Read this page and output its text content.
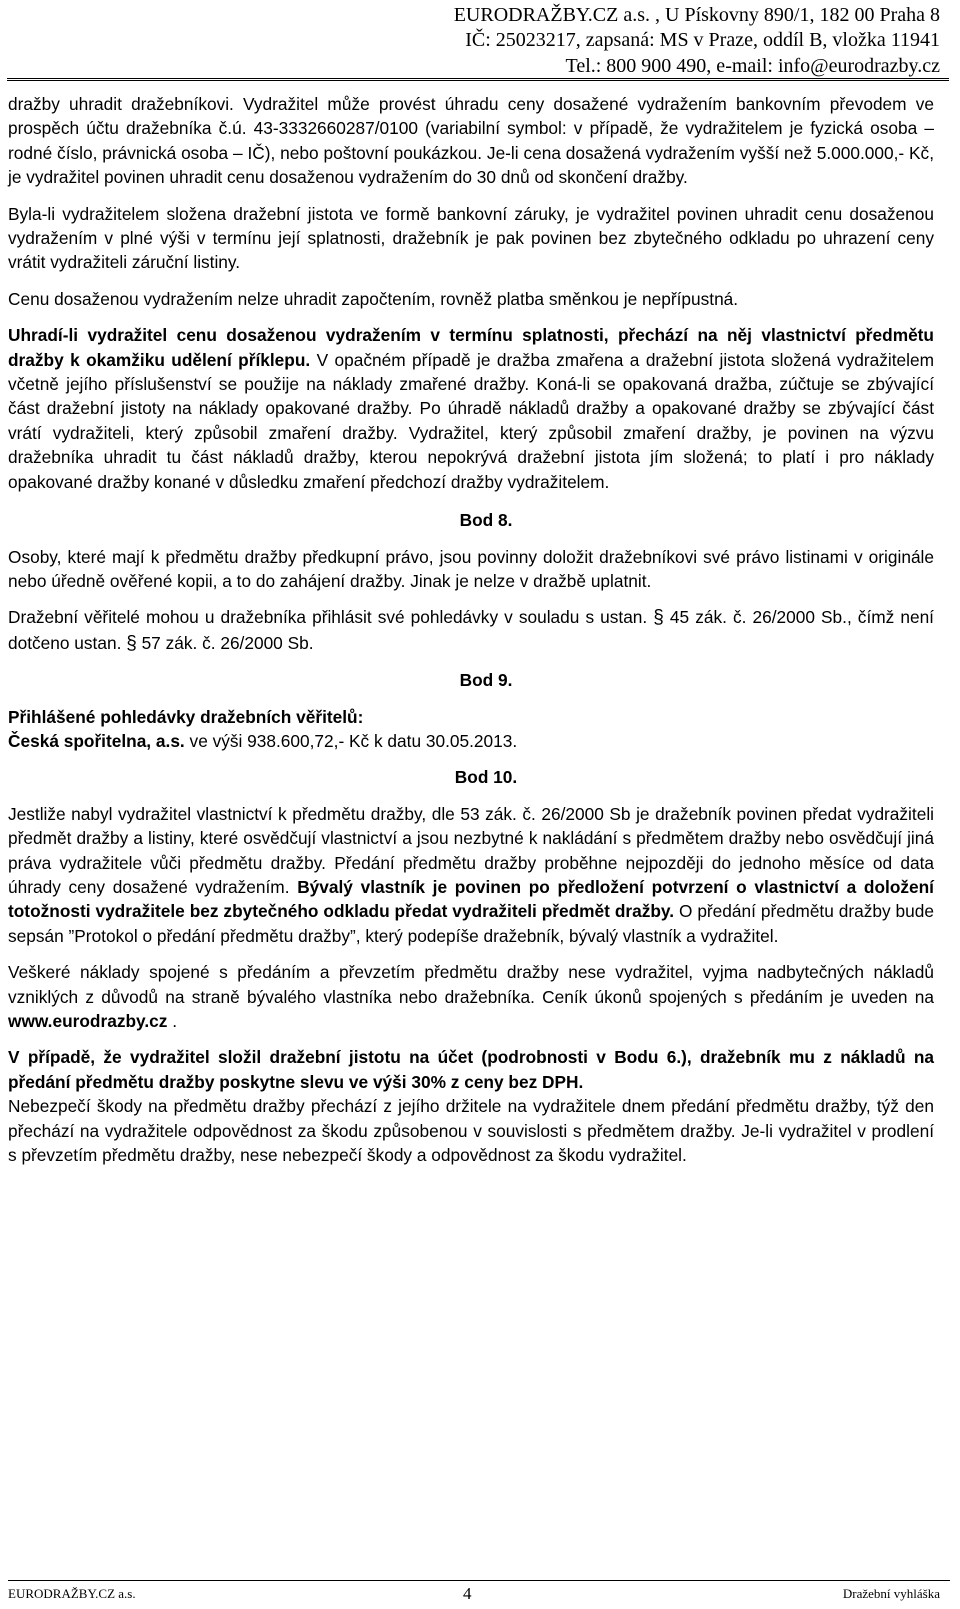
EURODRAŽBY.CZ a.s. , U Pískovny 890/1, 182 00 Praha 8
IČ: 25023217, zapsaná: MS v Praze, oddíl B, vložka 11941
Tel.: 800 900 490, e-mail: info@eurodrazby.cz

dražby uhradit dražebníkovi. Vydražitel může provést úhradu ceny dosažené vydražením bankovním převodem ve prospěch účtu dražebníka č.ú. 43-3332660287/0100 (variabilní symbol: v případě, že vydražitelem je fyzická osoba – rodné číslo, právnická osoba – IČ), nebo poštovní poukázkou. Je-li cena dosažená vydražením vyšší než 5.000.000,- Kč, je vydražitel povinen uhradit cenu dosaženou vydražením do 30 dnů od skončení dražby.

Byla-li vydražitelem složena dražební jistota ve formě bankovní záruky, je vydražitel povinen uhradit cenu dosaženou vydražením v plné výši v termínu její splatnosti, dražebník je pak povinen bez zbytečného odkladu po uhrazení ceny vrátit vydražiteli záruční listiny.

Cenu dosaženou vydražením nelze uhradit započtením, rovněž platba směnkou je nepřípustná.

Uhradí-li vydražitel cenu dosaženou vydražením v termínu splatnosti, přechází na něj vlastnictví předmětu dražby k okamžiku udělení příklepu. V opačném případě je dražba zmařena a dražební jistota složená vydražitelem včetně jejího příslušenství se použije na náklady zmařené dražby. Koná-li se opakovaná dražba, zúčtuje se zbývající část dražební jistoty na náklady opakované dražby. Po úhradě nákladů dražby a opakované dražby se zbývající část vrátí vydražiteli, který způsobil zmaření dražby. Vydražitel, který způsobil zmaření dražby, je povinen na výzvu dražebníka uhradit tu část nákladů dražby, kterou nepokrývá dražební jistota jím složená; to platí i pro náklady opakované dražby konané v důsledku zmaření předchozí dražby vydražitelem.

Bod 8.

Osoby, které mají k předmětu dražby předkupní právo, jsou povinny doložit dražebníkovi své právo listinami v originále nebo úředně ověřené kopii, a to do zahájení dražby. Jinak je nelze v dražbě uplatnit.

Dražební věřitelé mohou u dražebníka přihlásit své pohledávky v souladu s ustan. § 45 zák. č. 26/2000 Sb., čímž není dotčeno ustan. § 57 zák. č. 26/2000 Sb.

Bod 9.

Přihlášené pohledávky dražebních věřitelů:

Česká spořitelna, a.s. ve výši 938.600,72,- Kč k datu 30.05.2013.

Bod 10.

Jestliže nabyl vydražitel vlastnictví k předmětu dražby, dle 53 zák. č. 26/2000 Sb je dražebník povinen předat vydražiteli předmět dražby a listiny, které osvědčují vlastnictví a jsou nezbytné k nakládání s předmětem dražby nebo osvědčují jiná práva vydražitele vůči předmětu dražby. Předání předmětu dražby proběhne nejpozději do jednoho měsíce od data úhrady ceny dosažené vydražením. Bývalý vlastník je povinen po předložení potvrzení o vlastnictví a doložení totožnosti vydražitele bez zbytečného odkladu předat vydražiteli předmět dražby. O předání předmětu dražby bude sepsán ”Protokol o předání předmětu dražby”, který podepíše dražebník, bývalý vlastník a vydražitel.

Veškeré náklady spojené s předáním a převzetím předmětu dražby nese vydražitel, vyjma nadbytečných nákladů vzniklých z důvodů na straně bývalého vlastníka nebo dražebníka. Ceník úkonů spojených s předáním je uveden na www.eurodrazby.cz .

V případě, že vydražitel složil dražební jistotu na účet (podrobnosti v Bodu 6.), dražebník mu z nákladů na předání předmětu dražby poskytne slevu ve výši 30% z ceny bez DPH.

Nebezpečí škody na předmětu dražby přechází z jejího držitele na vydražitele dnem předání předmětu dražby, týž den přechází na vydražitele odpovědnost za škodu způsobenou v souvislosti s předmětem dražby. Je-li vydražitel v prodlení s převzetím předmětu dražby, nese nebezpečí škody a odpovědnost za škodu vydražitel.

EURODRAŽBY.CZ a.s.	4	Dražební vyhláška
